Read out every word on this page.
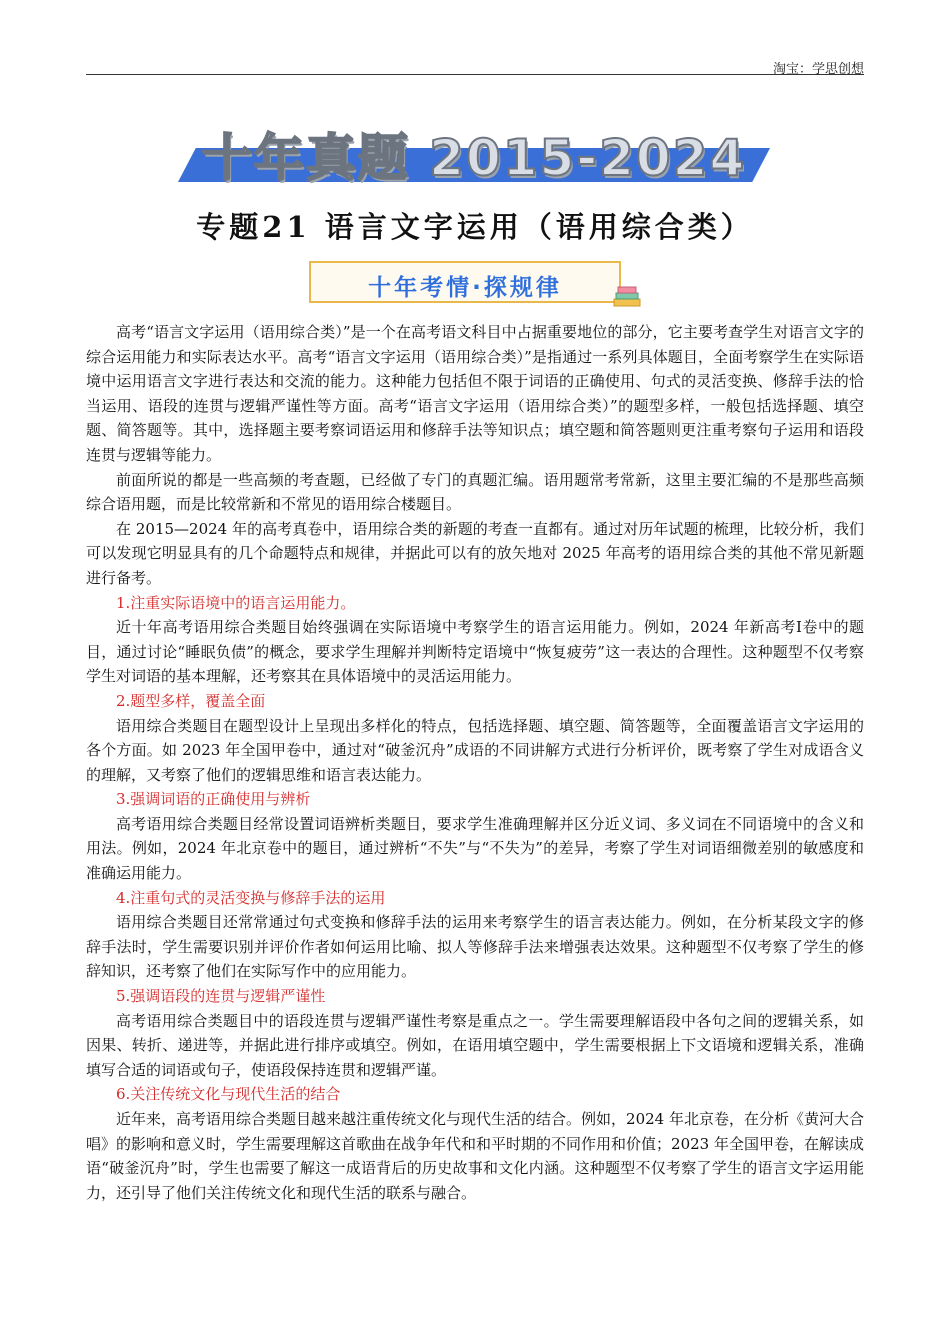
淘宝：学思创想
十年真题 2015-2024
专题21 语言文字运用（语用综合类）
十年考情·探规律

高考“语言文字运用（语用综合类）”是一个在高考语文科目中占据重要地位的部分，它主要考查学生对语言文字的综合运用能力和实际表达水平。高考“语言文字运用（语用综合类）”是指通过一系列具体题目，全面考察学生在实际语境中运用语言文字进行表达和交流的能力。这种能力包括但不限于词语的正确使用、句式的灵活变换、修辞手法的恰当运用、语段的连贯与逻辑严谨性等方面。高考“语言文字运用（语用综合类）”的题型多样，一般包括选择题、填空题、简答题等。其中，选择题主要考察词语运用和修辞手法等知识点；填空题和简答题则更注重考察句子运用和语段连贯与逻辑等能力。

前面所说的都是一些高频的考查题，已经做了专门的真题汇编。语用题常考常新，这里主要汇编的不是那些高频综合语用题，而是比较常新和不常见的语用综合楼题目。

在 2015—2024 年的高考真卷中，语用综合类的新题的考查一直都有。通过对历年试题的梳理，比较分析，我们可以发现它明显具有的几个命题特点和规律，并据此可以有的放矢地对 2025 年高考的语用综合类的其他不常见新题进行备考。

1.注重实际语境中的语言运用能力。

近十年高考语用综合类题目始终强调在实际语境中考察学生的语言运用能力。例如，2024 年新高考Ⅰ卷中的题目，通过讨论“睡眠负债”的概念，要求学生理解并判断特定语境中“恢复疲劳”这一表达的合理性。这种题型不仅考察学生对词语的基本理解，还考察其在具体语境中的灵活运用能力。

2.题型多样，覆盖全面

语用综合类题目在题型设计上呈现出多样化的特点，包括选择题、填空题、简答题等，全面覆盖语言文字运用的各个方面。如 2023 年全国甲卷中，通过对“破釜沉舟”成语的不同讲解方式进行分析评价，既考察了学生对成语含义的理解，又考察了他们的逻辑思维和语言表达能力。

3.强调词语的正确使用与辨析

高考语用综合类题目经常设置词语辨析类题目，要求学生准确理解并区分近义词、多义词在不同语境中的含义和用法。例如，2024 年北京卷中的题目，通过辨析“不失”与“不失为”的差异，考察了学生对词语细微差别的敏感度和准确运用能力。

4.注重句式的灵活变换与修辞手法的运用

语用综合类题目还常常通过句式变换和修辞手法的运用来考察学生的语言表达能力。例如，在分析某段文字的修辞手法时，学生需要识别并评价作者如何运用比喻、拟人等修辞手法来增强表达效果。这种题型不仅考察了学生的修辞知识，还考察了他们在实际写作中的应用能力。

5.强调语段的连贯与逻辑严谨性

高考语用综合类题目中的语段连贯与逻辑严谨性考察是重点之一。学生需要理解语段中各句之间的逻辑关系，如因果、转折、递进等，并据此进行排序或填空。例如，在语用填空题中，学生需要根据上下文语境和逻辑关系，准确填写合适的词语或句子，使语段保持连贯和逻辑严谨。

6.关注传统文化与现代生活的结合

近年来，高考语用综合类题目越来越注重传统文化与现代生活的结合。例如，2024 年北京卷，在分析《黄河大合唱》的影响和意义时，学生需要理解这首歌曲在战争年代和和平时期的不同作用和价值；2023 年全国甲卷，在解读成语“破釜沉舟”时，学生也需要了解这一成语背后的历史故事和文化内涵。这种题型不仅考察了学生的语言文字运用能力，还引导了他们关注传统文化和现代生活的联系与融合。
